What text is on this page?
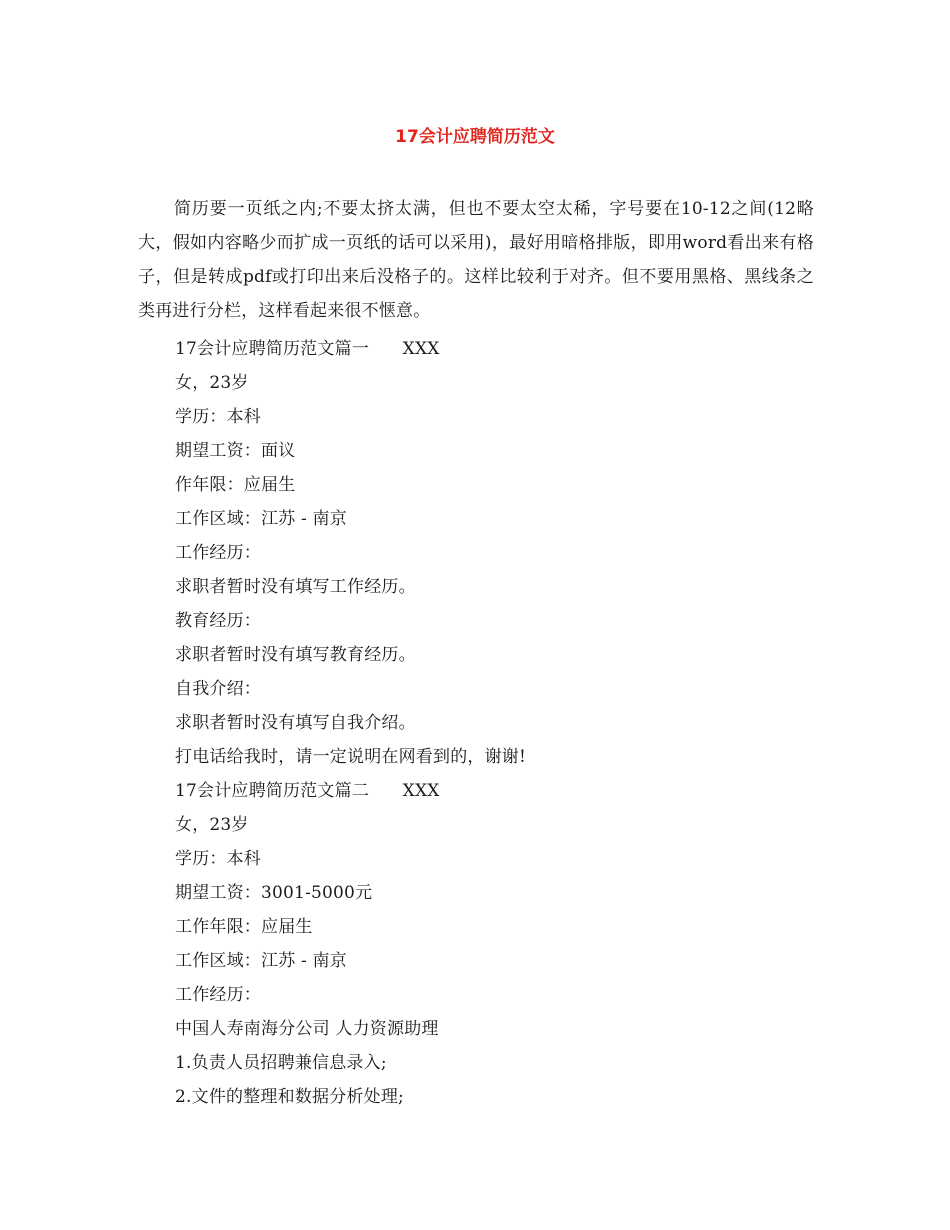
17会计应聘简历范文

简历要一页纸之内;不要太挤太满，但也不要太空太稀，字号要在10-12之间(12略大，假如内容略少而扩成一页纸的话可以采用)，最好用暗格排版，即用word看出来有格子，但是转成pdf或打印出来后没格子的。这样比较利于对齐。但不要用黑格、黑线条之类再进行分栏，这样看起来很不惬意。

17会计应聘简历范文篇一      XXX
女，23岁
学历：本科
期望工资：面议
作年限：应届生
工作区域：江苏 - 南京
工作经历：
求职者暂时没有填写工作经历。
教育经历：
求职者暂时没有填写教育经历。
自我介绍：
求职者暂时没有填写自我介绍。
打电话给我时，请一定说明在网看到的，谢谢!
17会计应聘简历范文篇二      XXX
女，23岁
学历：本科
期望工资：3001-5000元
工作年限：应届生
工作区域：江苏 - 南京
工作经历：
中国人寿南海分公司 人力资源助理
1.负责人员招聘兼信息录入;
2.文件的整理和数据分析处理;
